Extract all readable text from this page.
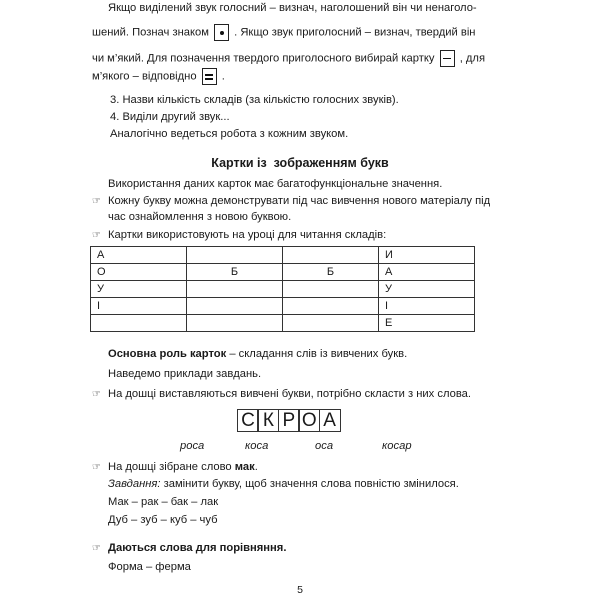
Якщо виділений звук голосний – визнач, наголошений він чи ненаголо-
шений. Познач знаком . Якщо звук приголосний – визнач, твердий він
чи м’який. Для позначення твердого приголосного вибирай картку , для
м’якого – відповідно .
3. Назви кількість складів (за кількістю голосних звуків).
4. Виділи другий звук...
Аналогічно ведеться робота з кожним звуком.
Картки із  зображенням букв
Використання даних карток має багатофункціональне значення.
☞ Кожну букву можна демонструвати під час вивчення нового матеріалу під
час ознайомлення з новою буквою.
☞ Картки використовують на уроці для читання складів:
А			И
О	Б	Б	А
У			У
І			І
			Е
Основна роль карток – складання слів із вивчених букв.
Наведемо приклади завдань.
☞ На дошці виставляються вивчені букви, потрібно скласти з них слова.
С К Р О А
роса	коса	оса	косар
☞ На дошці зібране слово мак.
Завдання: замінити букву, щоб значення слова повністю змінилося.
Мак – рак – бак – лак
Дуб – зуб – куб – чуб
☞ Даються слова для порівняння.
Форма – ферма
5
